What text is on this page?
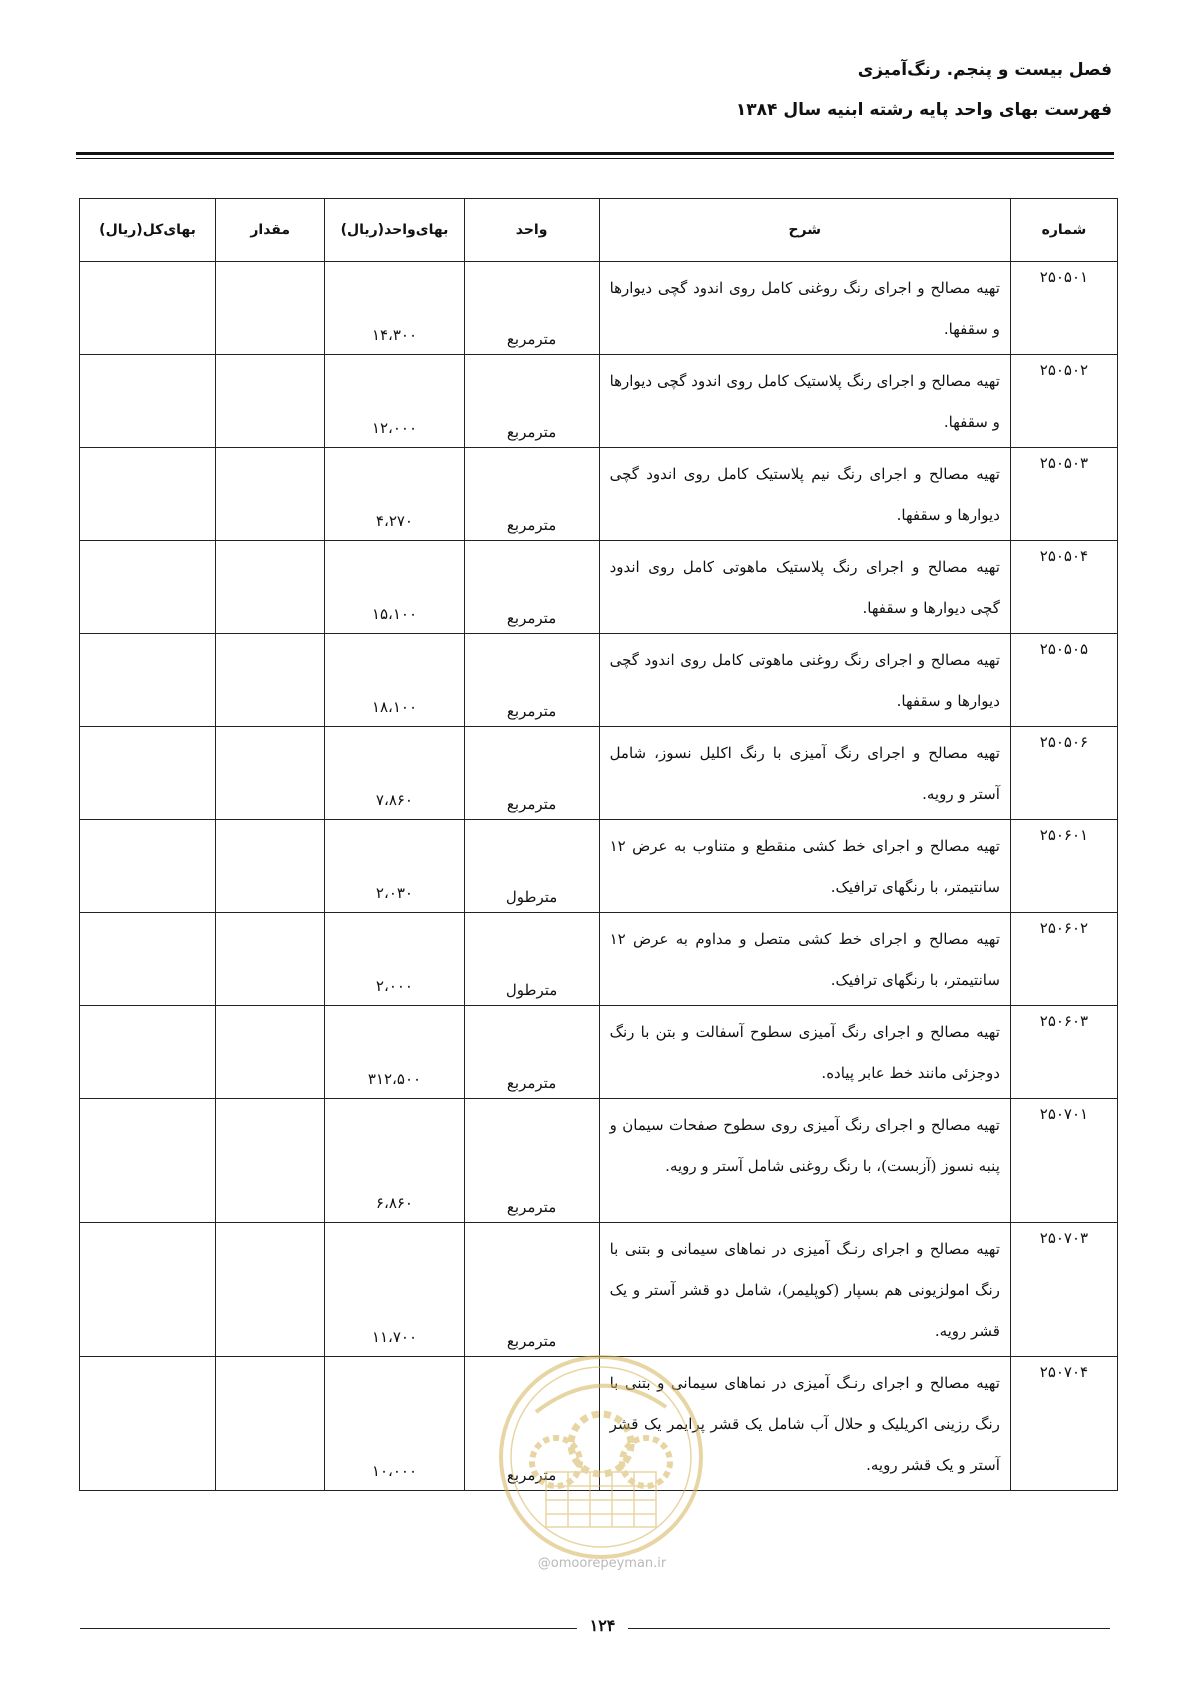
فصل بیست و پنجم. رنگ‌آمیزی
فهرست بهای واحد پایه رشته ابنیه سال ۱۳۸۴
شماره	شرح	واحد	بهای‌واحد(ریال)	مقدار	بهای‌کل(ریال)
۲۵۰۵۰۱	تهیه مصالح و اجرای رنگ روغنی کامل روی اندود گچی دیوارها و سقفها.	مترمربع	۱۴،۳۰۰		
۲۵۰۵۰۲	تهیه مصالح و اجرای رنگ پلاستیک کامل روی اندود گچی دیوارها و سقفها.	مترمربع	۱۲،۰۰۰		
۲۵۰۵۰۳	تهیه مصالح و اجرای رنگ نیم پلاستیک کامل روی اندود گچی دیوارها و سقفها.	مترمربع	۴،۲۷۰		
۲۵۰۵۰۴	تهیه مصالح و اجرای رنگ پلاستیک ماهوتی کامل روی اندود گچی دیوارها و سقفها.	مترمربع	۱۵،۱۰۰		
۲۵۰۵۰۵	تهیه مصالح و اجرای رنگ روغنی ماهوتی کامل روی اندود گچی دیوارها و سقفها.	مترمربع	۱۸،۱۰۰		
۲۵۰۵۰۶	تهیه مصالح و اجرای رنگ آمیزی با رنگ اکلیل نسوز، شامل آستر و رویه.	مترمربع	۷،۸۶۰		
۲۵۰۶۰۱	تهیه مصالح و اجرای خط کشی منقطع و متناوب به عرض ۱۲ سانتیمتر، با رنگهای ترافیک.	مترطول	۲،۰۳۰		
۲۵۰۶۰۲	تهیه مصالح و اجرای خط کشی متصل و مداوم به عرض ۱۲ سانتیمتر، با رنگهای ترافیک.	مترطول	۲،۰۰۰		
۲۵۰۶۰۳	تهیه مصالح و اجرای رنگ آمیزی سطوح آسفالت و بتن با رنگ دوجزئی مانند خط عابر پیاده.	مترمربع	۳۱۲،۵۰۰		
۲۵۰۷۰۱	تهیه مصالح و اجرای رنگ آمیزی روی سطوح صفحات سیمان و پنبه نسوز (آزبست)، با رنگ روغنی شامل آستر و رویه.	مترمربع	۶،۸۶۰		
۲۵۰۷۰۳	تهیه مصالح و اجرای رنـگ آمیزی در نماهای سیمانی و بتنی با رنگ امولزیونی هم بسپار (کوپلیمر)، شامل دو قشر آستر و یک قشر رویه.	مترمربع	۱۱،۷۰۰		
۲۵۰۷۰۴	تهیه مصالح و اجرای رنـگ آمیزی در نماهای سیمانی و بتنی با رنگ رزینی اکریلیک و حلال آب شامل یک قشر پرایمر یک قشر آستر و یک قشر رویه.	مترمربع	۱۰،۰۰۰		
@omoorepeyman.ir
۱۲۴
